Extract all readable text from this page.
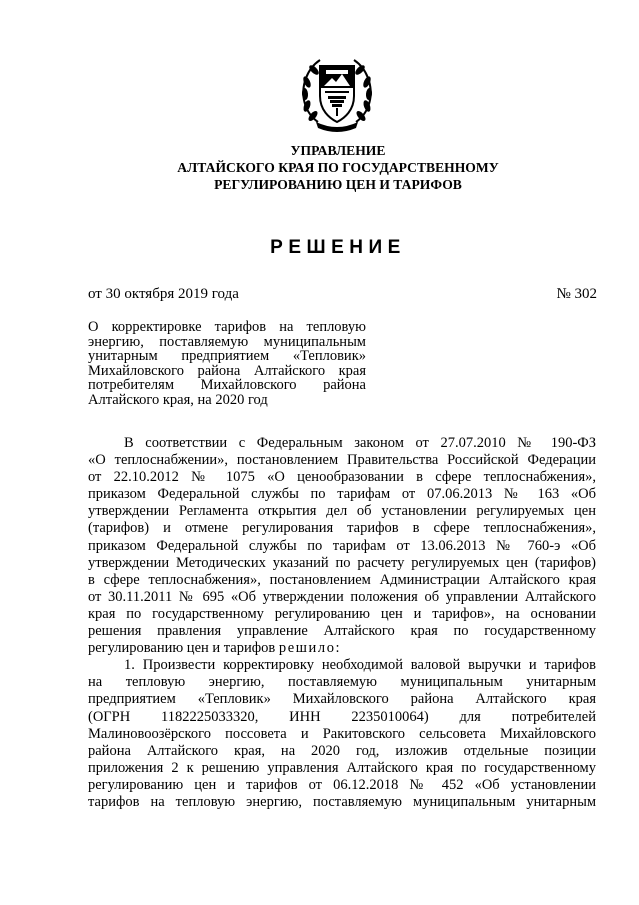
УПРАВЛЕНИЕ
АЛТАЙСКОГО КРАЯ ПО ГОСУДАРСТВЕННОМУ
РЕГУЛИРОВАНИЮ ЦЕН И ТАРИФОВ
РЕШЕНИЕ
от 30 октября 2019 года	№ 302
О корректировке тарифов на тепловую
энергию, поставляемую муниципальным
унитарным предприятием «Тепловик»
Михайловского района Алтайского края
потребителям Михайловского района
Алтайского края, на 2020 год
В соответствии с Федеральным законом от 27.07.2010 № 190-ФЗ
«О теплоснабжении», постановлением Правительства Российской Федерации
от 22.10.2012 № 1075 «О ценообразовании в сфере теплоснабжения»,
приказом Федеральной службы по тарифам от 07.06.2013 № 163 «Об
утверждении Регламента открытия дел об установлении регулируемых цен
(тарифов) и отмене регулирования тарифов в сфере теплоснабжения»,
приказом Федеральной службы по тарифам от 13.06.2013 № 760-э «Об
утверждении Методических указаний по расчету регулируемых цен (тарифов)
в сфере теплоснабжения», постановлением Администрации Алтайского края
от 30.11.2011 № 695 «Об утверждении положения об управлении Алтайского
края по государственному регулированию цен и тарифов», на основании
решения правления управление Алтайского края по государственному
регулированию цен и тарифов решило:
1. Произвести корректировку необходимой валовой выручки и тарифов
на тепловую энергию, поставляемую муниципальным унитарным
предприятием «Тепловик» Михайловского района Алтайского края
(ОГРН 1182225033320, ИНН 2235010064) для потребителей
Малиновоозёрского поссовета и Ракитовского сельсовета Михайловского
района Алтайского края, на 2020 год, изложив отдельные позиции
приложения 2 к решению управления Алтайского края по государственному
регулированию цен и тарифов от 06.12.2018 № 452 «Об установлении
тарифов на тепловую энергию, поставляемую муниципальным унитарным
